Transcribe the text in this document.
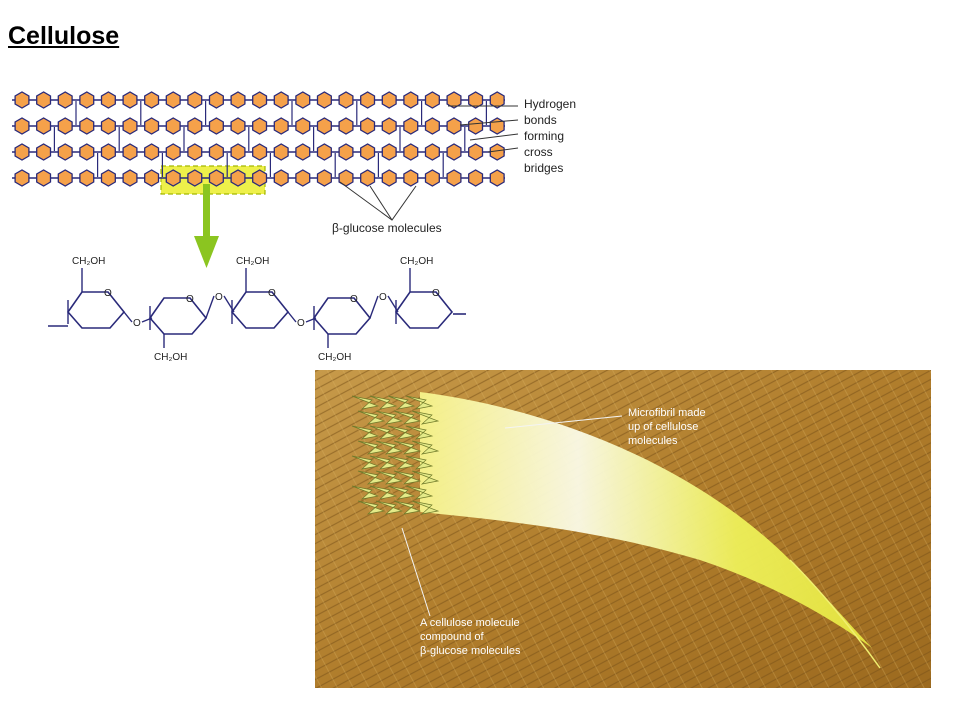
Cellulose
Hydrogen
bonds
forming
cross
bridges
β-glucose molecules
O
CH₂OH
O
O
CH₂OH
O	O
CH₂OH
O
O
CH₂OH
O	O
CH₂OH
Microfibril made
up of cellulose
molecules
A cellulose molecule
compound of
β-glucose molecules
